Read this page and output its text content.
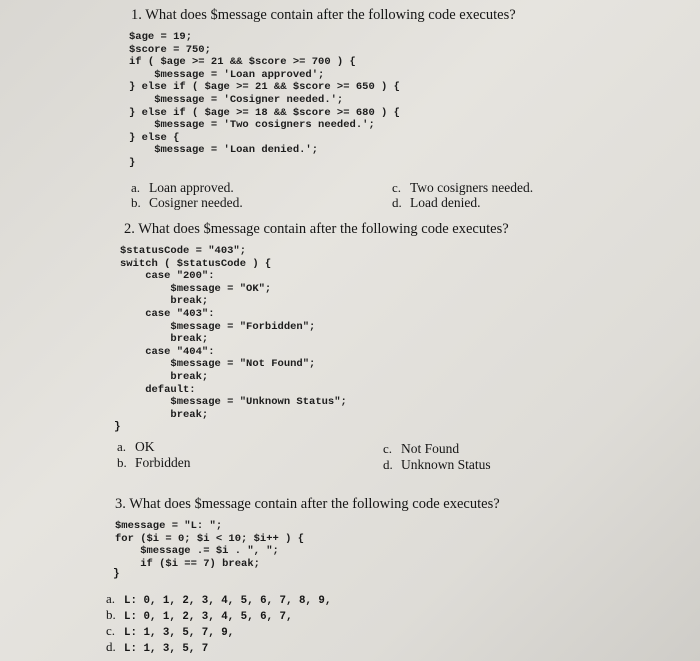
1. What does $message contain after the following code executes?
$age = 19;
$score = 750;
if ( $age >= 21 && $score >= 700 ) {
$message = 'Loan approved';
} else if ( $age >= 21 && $score >= 650 ) {
$message = 'Cosigner needed.';
} else if ( $age >= 18 && $score >= 680 ) {
$message = 'Two cosigners needed.';
} else {
$message = 'Loan denied.';
}
a. Loan approved.
b. Cosigner needed.
c. Two cosigners needed.
d. Load denied.
2. What does $message contain after the following code executes?
$statusCode = "403";
switch ( $statusCode ) {
case "200":
$message = "OK";
break;
case "403":
$message = "Forbidden";
break;
case "404":
$message = "Not Found";
break;
default:
$message = "Unknown Status";
break;
}
a. OK
b. Forbidden
c. Not Found
d. Unknown Status
3. What does $message contain after the following code executes?
$message = "L: ";
for ($i = 0; $i < 10; $i++ ) {
$message .= $i . ", ";
if ($i == 7) break;
}
a. L: 0, 1, 2, 3, 4, 5, 6, 7, 8, 9,
b. L: 0, 1, 2, 3, 4, 5, 6, 7,
c. L: 1, 3, 5, 7, 9,
d. L: 1, 3, 5, 7
